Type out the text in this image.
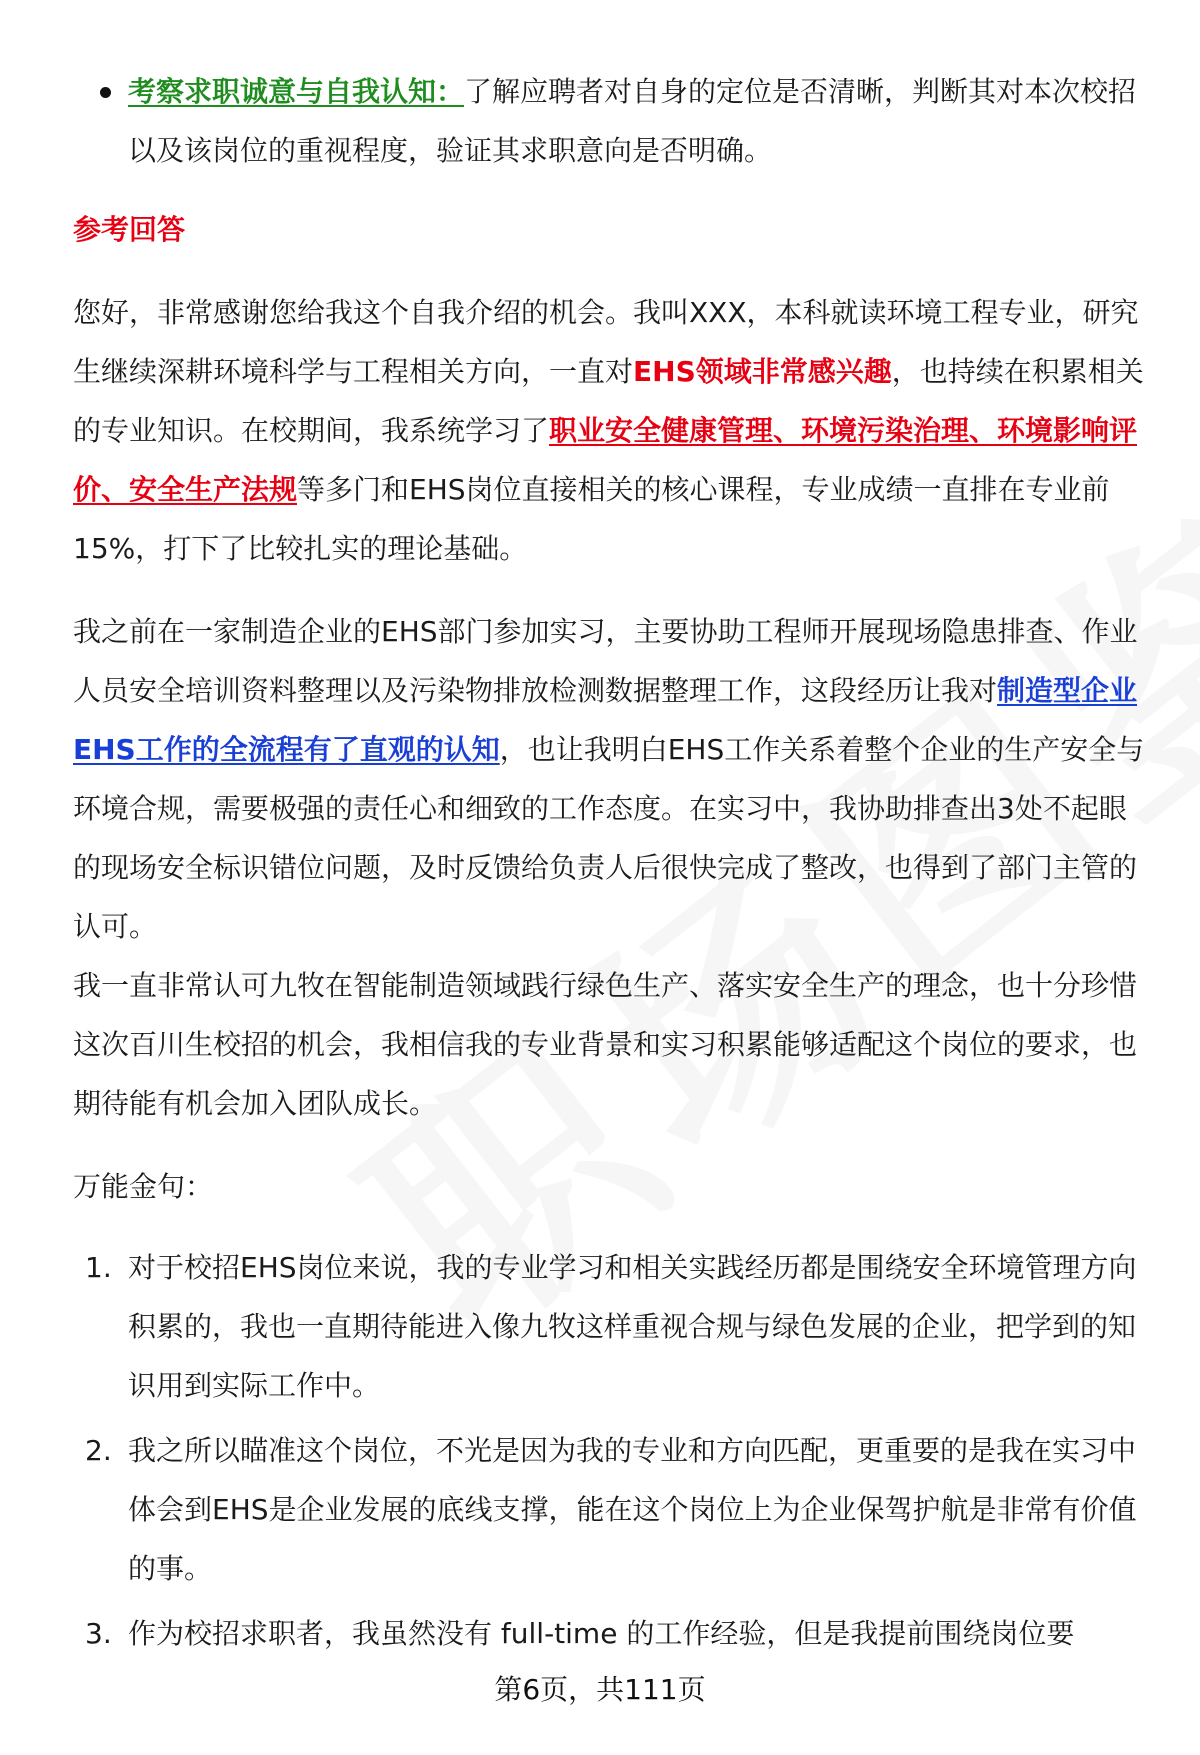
考察求职诚意与自我认知：了解应聘者对自身的定位是否清晰，判断其对本次校招以及该岗位的重视程度，验证其求职意向是否明确。
参考回答
您好，非常感谢您给我这个自我介绍的机会。我叫XXX，本科就读环境工程专业，研究生继续深耕环境科学与工程相关方向，一直对EHS领域非常感兴趣，也持续在积累相关的专业知识。在校期间，我系统学习了职业安全健康管理、环境污染治理、环境影响评价、安全生产法规等多门和EHS岗位直接相关的核心课程，专业成绩一直排在专业前15%，打下了比较扎实的理论基础。
我之前在一家制造企业的EHS部门参加实习，主要协助工程师开展现场隐患排查、作业人员安全培训资料整理以及污染物排放检测数据整理工作，这段经历让我对制造型企业EHS工作的全流程有了直观的认知，也让我明白EHS工作关系着整个企业的生产安全与环境合规，需要极强的责任心和细致的工作态度。在实习中，我协助排查出3处不起眼的现场安全标识错位问题，及时反馈给负责人后很快完成了整改，也得到了部门主管的认可。
我一直非常认可九牧在智能制造领域践行绿色生产、落实安全生产的理念，也十分珍惜这次百川生校招的机会，我相信我的专业背景和实习积累能够适配这个岗位的要求，也期待能有机会加入团队成长。
万能金句：
1. 对于校招EHS岗位来说，我的专业学习和相关实践经历都是围绕安全环境管理方向积累的，我也一直期待能进入像九牧这样重视合规与绿色发展的企业，把学到的知识用到实际工作中。
2. 我之所以瞄准这个岗位，不光是因为我的专业和方向匹配，更重要的是我在实习中体会到EHS是企业发展的底线支撑，能在这个岗位上为企业保驾护航是非常有价值的事。
3. 作为校招求职者，我虽然没有 full-time 的工作经验，但是我提前围绕岗位要
第6页，共111页
